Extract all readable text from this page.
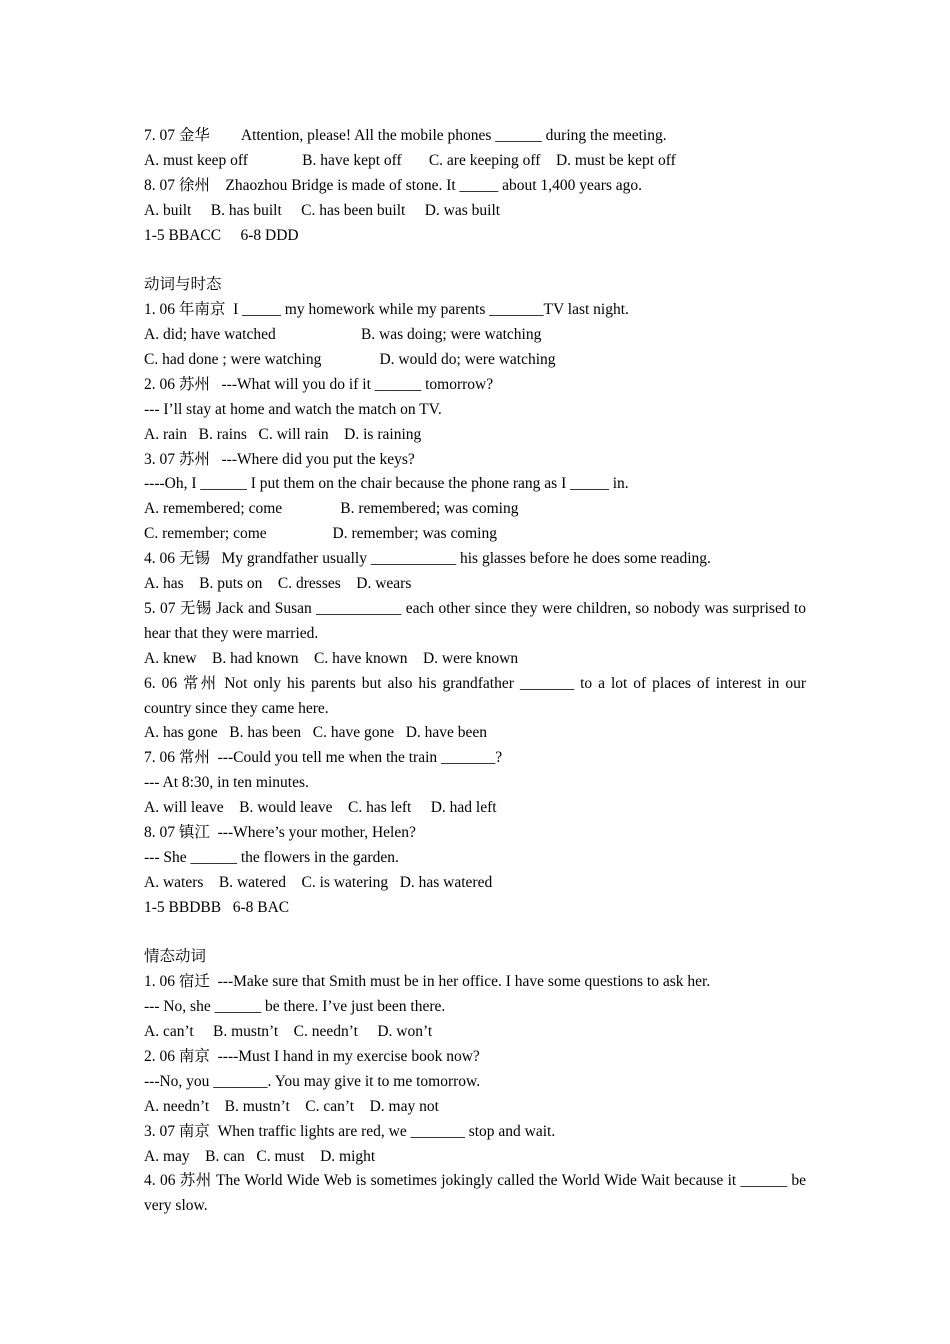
7. 07 金华　　Attention, please! All the mobile phones ______ during the meeting.
A. must keep off              B. have kept off       C. are keeping off    D. must be kept off
8. 07 徐州　Zhaozhou Bridge is made of stone. It _____ about 1,400 years ago.
A. built     B. has built     C. has been built     D. was built
1-5 BBACC     6-8 DDD
动词与时态
1. 06 年南京  I _____ my homework while my parents _______TV last night.
A. did; have watched                      B. was doing; were watching
C. had done ; were watching               D. would do; were watching
2. 06 苏州   ---What will you do if it ______ tomorrow?
--- I’ll stay at home and watch the match on TV.
A. rain   B. rains   C. will rain    D. is raining
3. 07 苏州   ---Where did you put the keys?
----Oh, I ______ I put them on the chair because the phone rang as I _____ in.
A. remembered; come               B. remembered; was coming
C. remember; come                 D. remember; was coming
4. 06 无锡   My grandfather usually ___________ his glasses before he does some reading.
A. has    B. puts on    C. dresses    D. wears
5. 07 无锡 Jack and Susan ___________ each other since they were children, so nobody was surprised to hear that they were married.
A. knew    B. had known    C. have known    D. were known
6. 06 常州 Not only his parents but also his grandfather _______ to a lot of places of interest in our country since they came here.
A. has gone   B. has been   C. have gone   D. have been
7. 06 常州  ---Could you tell me when the train _______?
--- At 8:30, in ten minutes.
A. will leave    B. would leave    C. has left     D. had left
8. 07 镇江  ---Where’s your mother, Helen?
--- She ______ the flowers in the garden.
A. waters    B. watered    C. is watering   D. has watered
1-5 BBDBB   6-8 BAC
情态动词
1. 06 宿迁  ---Make sure that Smith must be in her office. I have some questions to ask her.
--- No, she ______ be there. I’ve just been there.
A. can’t     B. mustn’t    C. needn’t     D. won’t
2. 06 南京  ----Must I hand in my exercise book now?
---No, you _______. You may give it to me tomorrow.
A. needn’t    B. mustn’t    C. can’t    D. may not
3. 07 南京  When traffic lights are red, we _______ stop and wait.
A. may    B. can   C. must    D. might
4. 06 苏州 The World Wide Web is sometimes jokingly called the World Wide Wait because it ______ be very slow.
